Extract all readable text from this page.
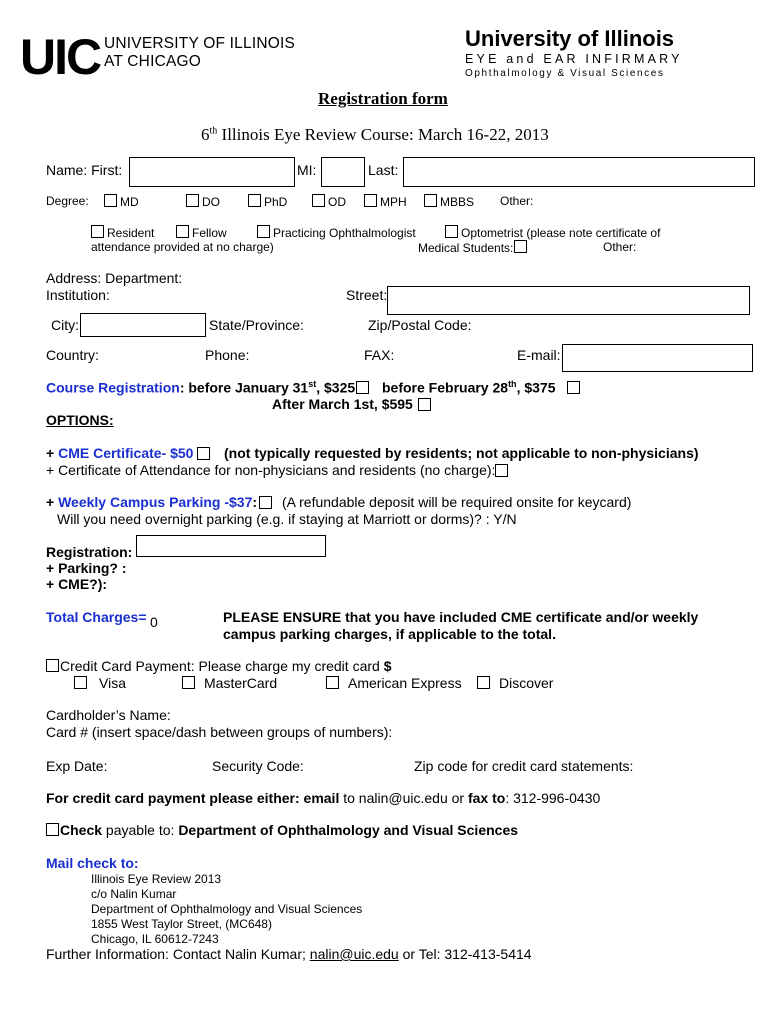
UIC UNIVERSITY OF ILLINOIS
AT CHICAGO
University of Illinois
EYE and EAR INFIRMARY
Ophthalmology & Visual Sciences
Registration form
6th Illinois Eye Review Course: March 16-22, 2013
Name: First:	MI:	Last:
Degree:	MD	DO	PhD	OD	MPH	MBBS Other:
Resident	Fellow	Practicing Ophthalmologist	Optometrist (please note certificate of
attendance provided at no charge)	Medical Students:	Other:
Address: Department:
Institution:	Street:
City:	State/Province:	Zip/Postal Code:
Country:	Phone:	FAX:	E-mail:
Course Registration: before January 31st, $325 before February 28th, $375
After March 1st, $595
OPTIONS:
+ CME Certificate- $50 (not typically requested by residents; not applicable to non-physicians)
+ Certificate of Attendance for non-physicians and residents (no charge):
+ Weekly Campus Parking -$37: (A refundable deposit will be required onsite for keycard)
Will you need overnight parking (e.g. if staying at Marriott or dorms)? : Y/N
Registration:
+ Parking? :
+ CME?):
Total Charges= 0	PLEASE ENSURE that you have included CME certificate and/or weekly
campus parking charges, if applicable to the total.
Credit Card Payment: Please charge my credit card $
Visa	MasterCard	American Express	Discover
Cardholder’s Name:
Card # (insert space/dash between groups of numbers):
Exp Date:	Security Code:	Zip code for credit card statements:
For credit card payment please either: email to nalin@uic.edu or fax to: 312-996-0430
Check payable to: Department of Ophthalmology and Visual Sciences
Mail check to:
Illinois Eye Review 2013
c/o Nalin Kumar
Department of Ophthalmology and Visual Sciences
1855 West Taylor Street, (MC648)
Chicago, IL 60612-7243
Further Information: Contact Nalin Kumar; nalin@uic.edu or Tel: 312-413-5414
